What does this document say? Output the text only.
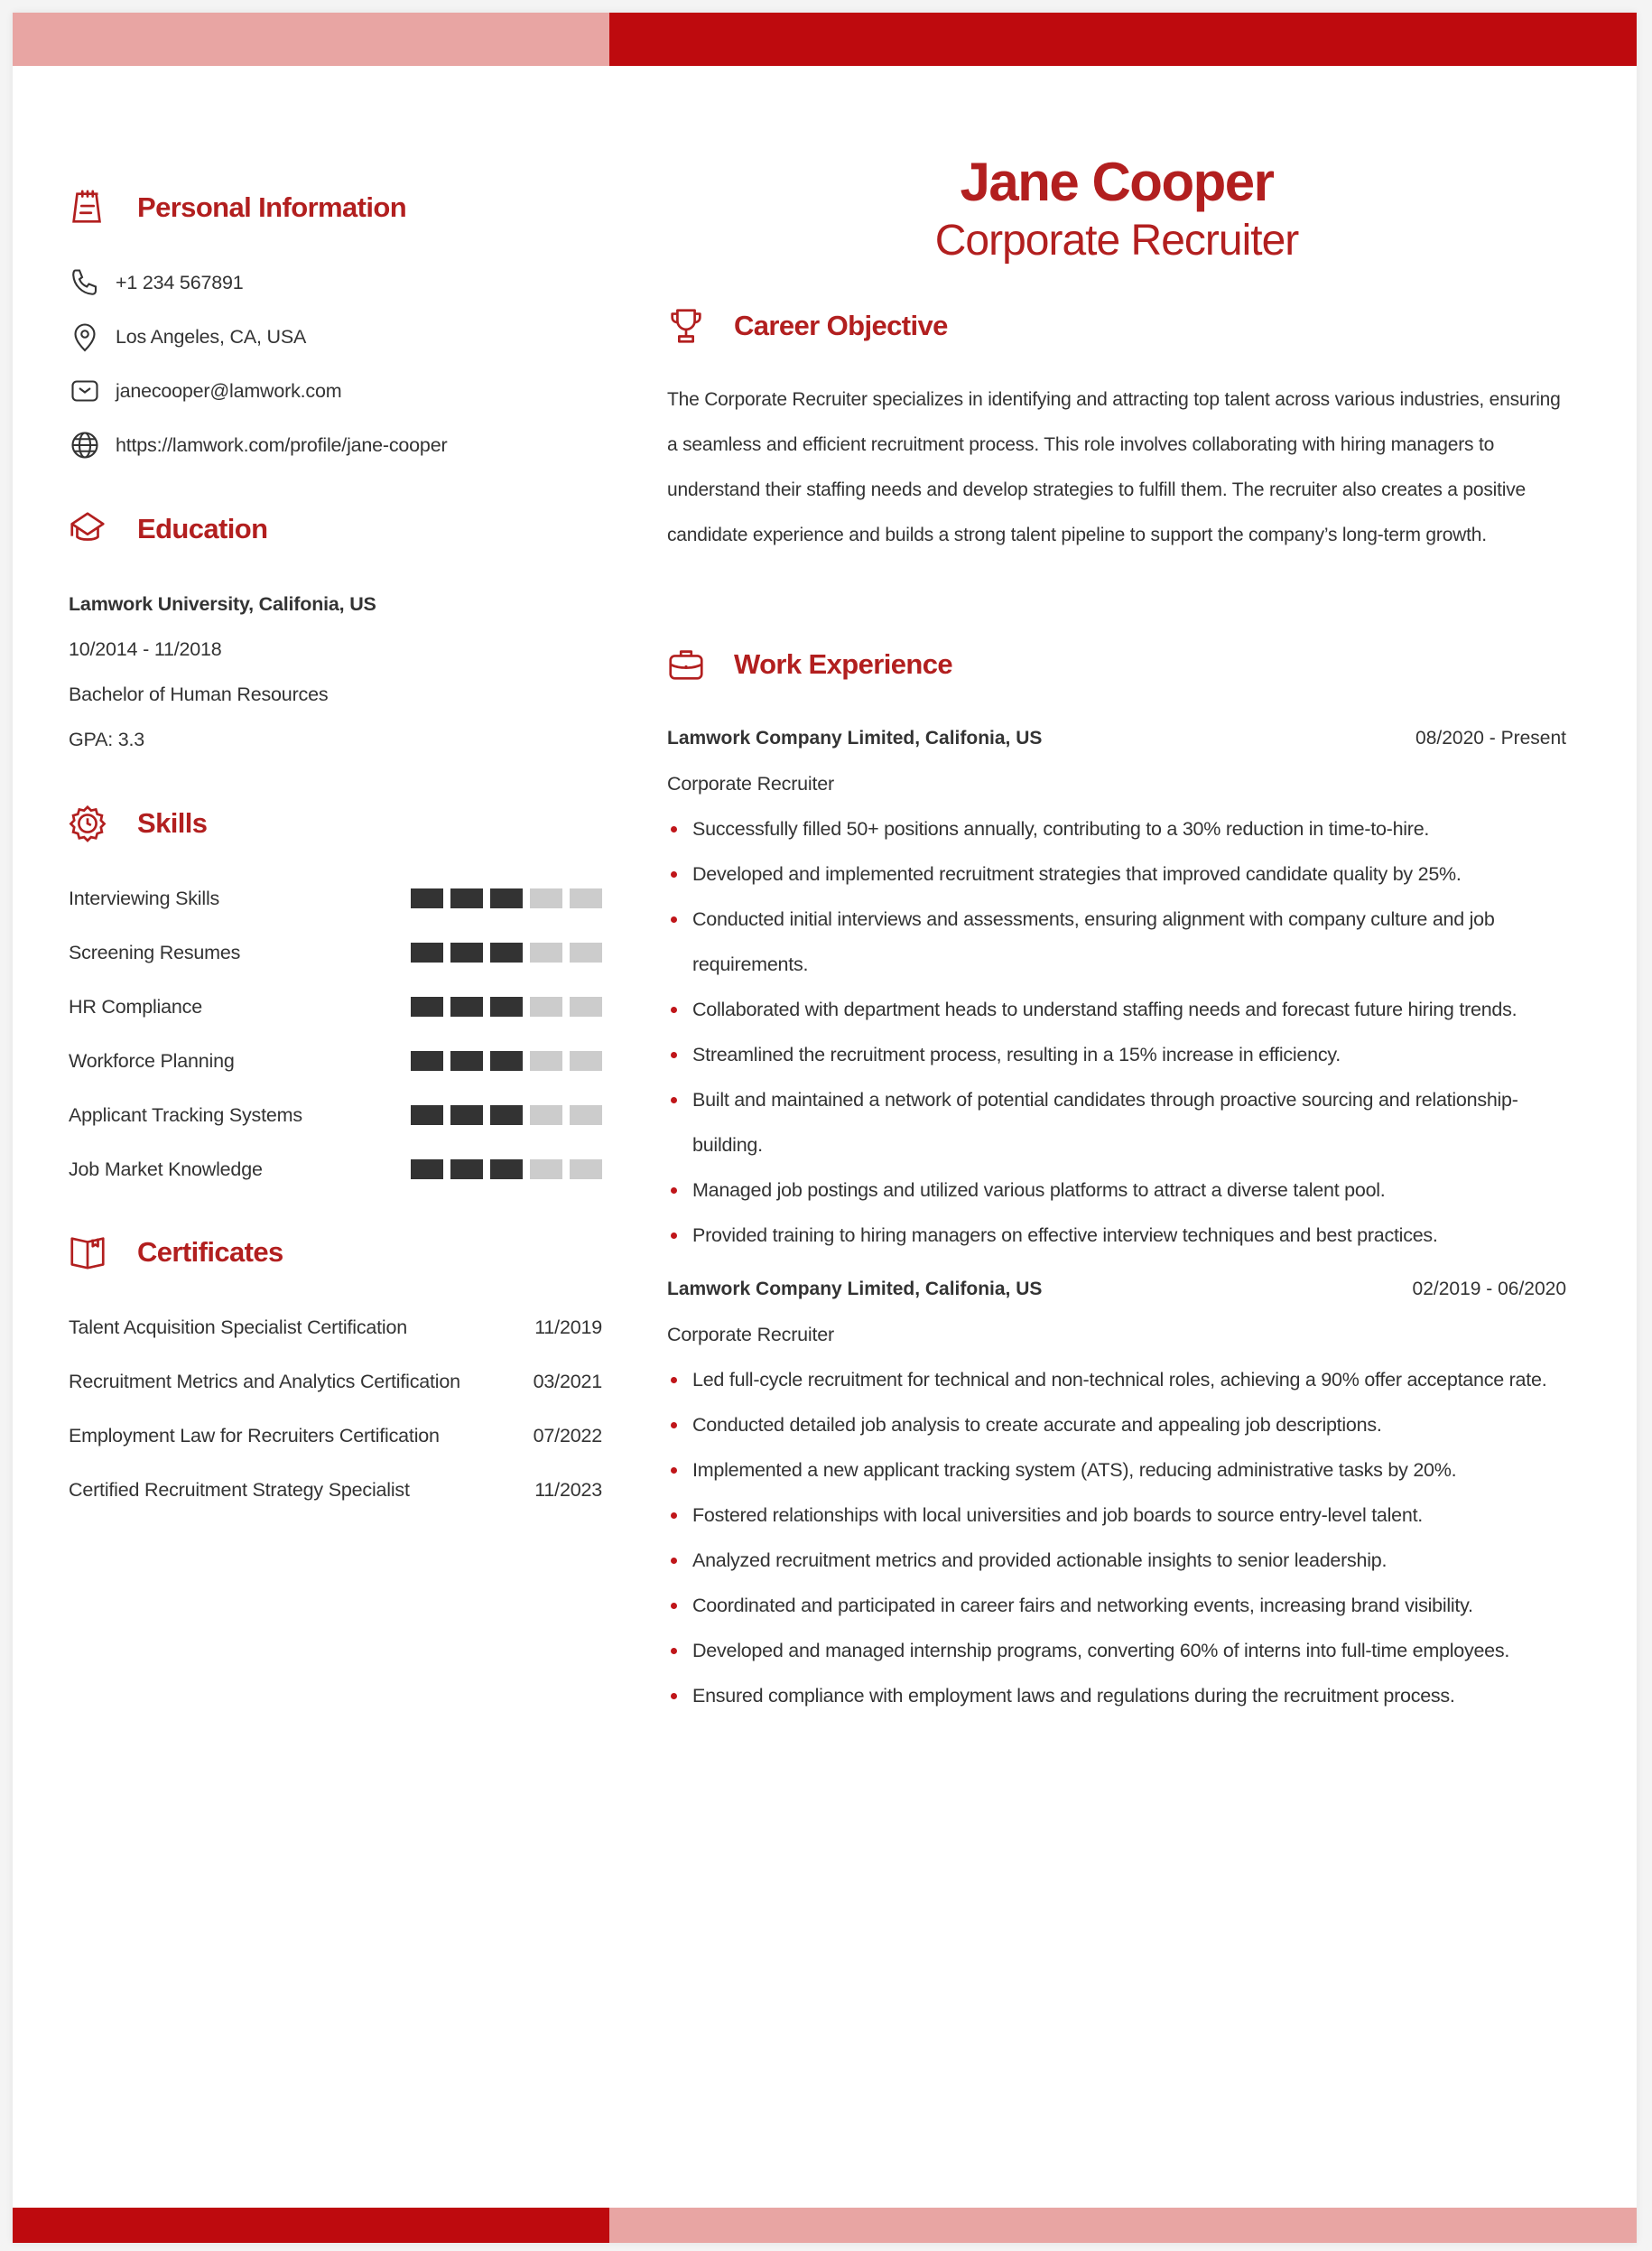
Personal Information
+1 234 567891
Los Angeles, CA, USA
janecooper@lamwork.com
https://lamwork.com/profile/jane-cooper
Education
Lamwork University, Califonia, US
10/2014 - 11/2018
Bachelor of Human Resources
GPA: 3.3
Skills
Interviewing Skills
Screening Resumes
HR Compliance
Workforce Planning
Applicant Tracking Systems
Job Market Knowledge
Certificates
Talent Acquisition Specialist Certification	11/2019
Recruitment Metrics and Analytics Certification	03/2021
Employment Law for Recruiters Certification	07/2022
Certified Recruitment Strategy Specialist	11/2023
Jane Cooper
Corporate Recruiter
Career Objective
The Corporate Recruiter specializes in identifying and attracting top talent across various industries, ensuring a seamless and efficient recruitment process. This role involves collaborating with hiring managers to understand their staffing needs and develop strategies to fulfill them. The recruiter also creates a positive candidate experience and builds a strong talent pipeline to support the company’s long-term growth.
Work Experience
Lamwork Company Limited, Califonia, US	08/2020 - Present
Corporate Recruiter
Successfully filled 50+ positions annually, contributing to a 30% reduction in time-to-hire.
Developed and implemented recruitment strategies that improved candidate quality by 25%.
Conducted initial interviews and assessments, ensuring alignment with company culture and job requirements.
Collaborated with department heads to understand staffing needs and forecast future hiring trends.
Streamlined the recruitment process, resulting in a 15% increase in efficiency.
Built and maintained a network of potential candidates through proactive sourcing and relationship-building.
Managed job postings and utilized various platforms to attract a diverse talent pool.
Provided training to hiring managers on effective interview techniques and best practices.
Lamwork Company Limited, Califonia, US	02/2019 - 06/2020
Corporate Recruiter
Led full-cycle recruitment for technical and non-technical roles, achieving a 90% offer acceptance rate.
Conducted detailed job analysis to create accurate and appealing job descriptions.
Implemented a new applicant tracking system (ATS), reducing administrative tasks by 20%.
Fostered relationships with local universities and job boards to source entry-level talent.
Analyzed recruitment metrics and provided actionable insights to senior leadership.
Coordinated and participated in career fairs and networking events, increasing brand visibility.
Developed and managed internship programs, converting 60% of interns into full-time employees.
Ensured compliance with employment laws and regulations during the recruitment process.
